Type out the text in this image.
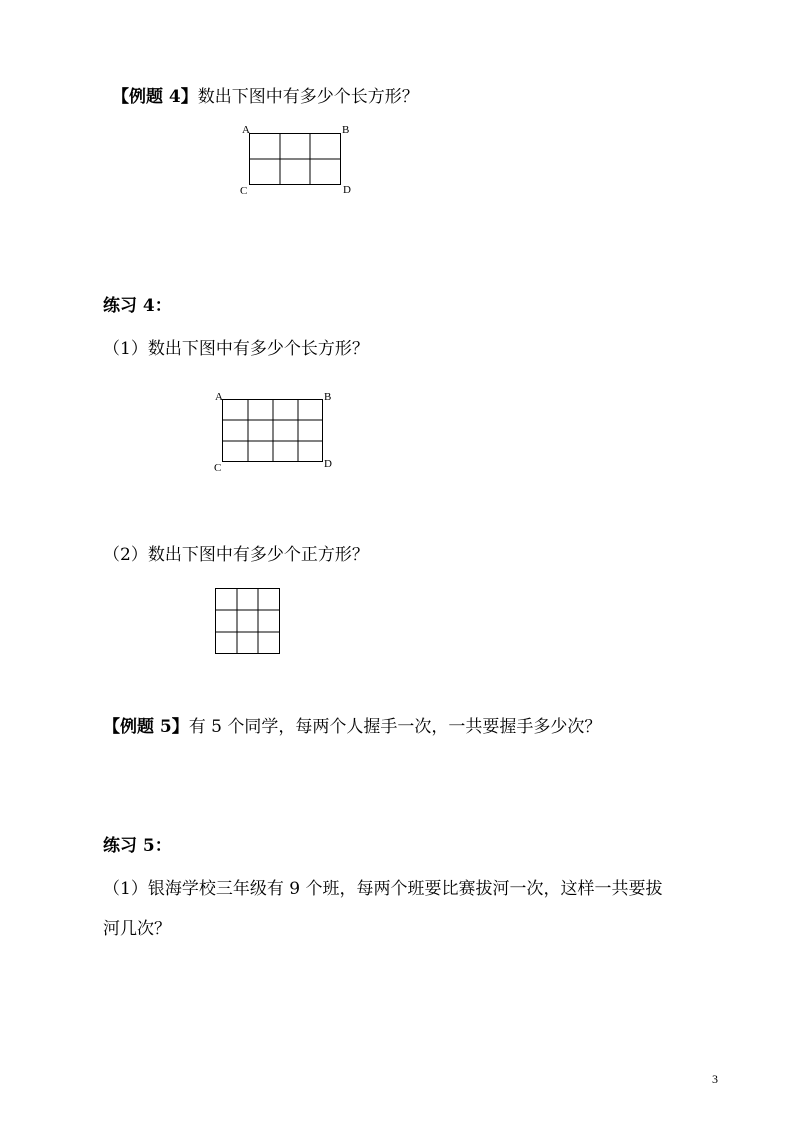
【例题 4】数出下图中有多少个长方形？
A	B
C	D
练习 4：
（1）数出下图中有多少个长方形？
A	B
C	D
（2）数出下图中有多少个正方形？
【例题 5】有 5 个同学，每两个人握手一次，一共要握手多少次？
练习 5：
（1）银海学校三年级有 9 个班，每两个班要比赛拔河一次，这样一共要拔
河几次？
3
